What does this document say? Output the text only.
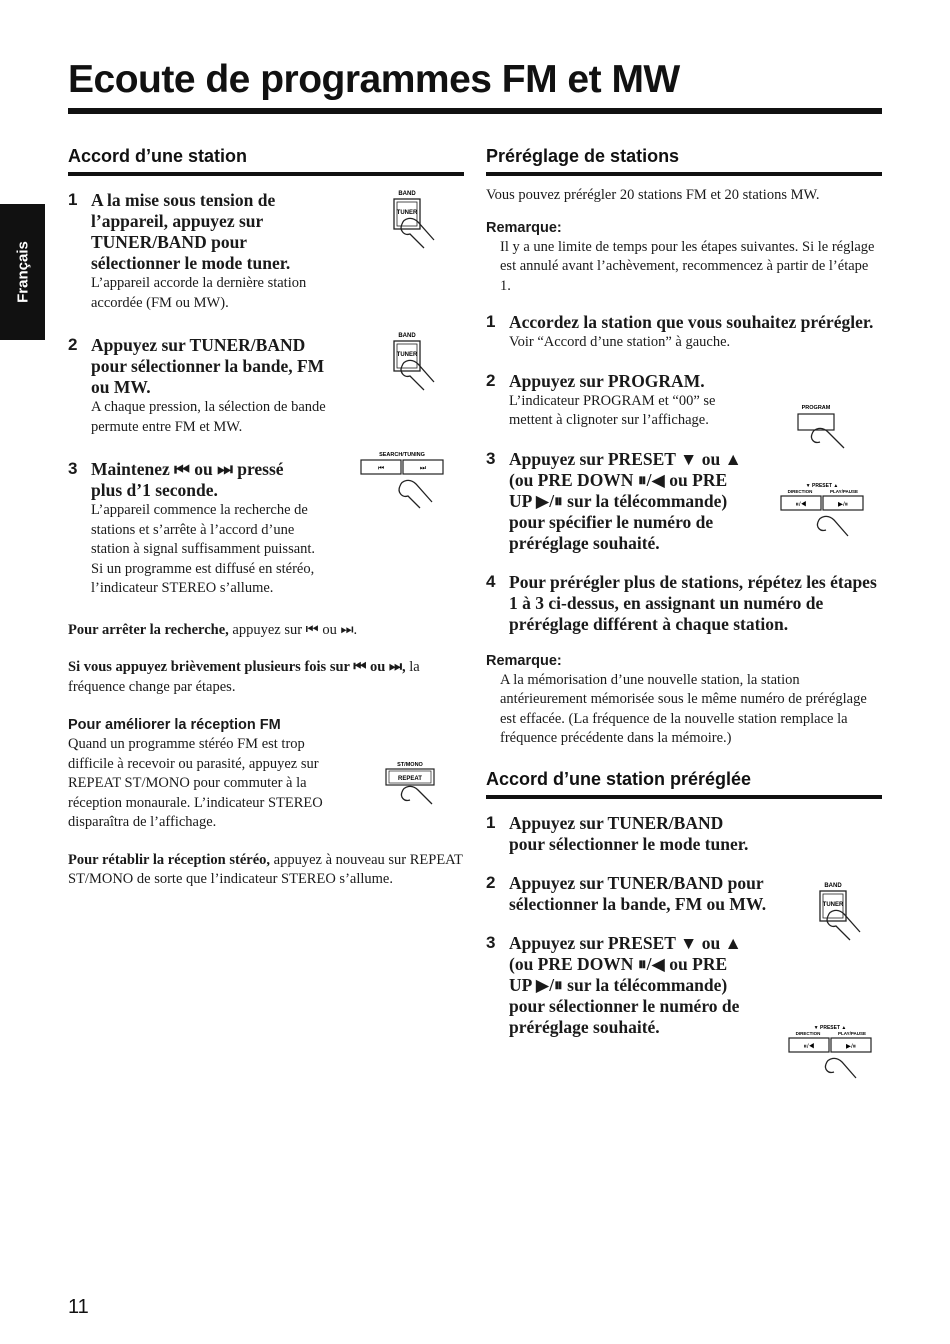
Ecoute de programmes FM et MW
Français
Accord d’une station
1 A la mise sous tension de l’appareil, appuyez sur TUNER/BAND pour sélectionner le mode tuner.
L’appareil accorde la dernière station accordée (FM ou MW).
2 Appuyez sur TUNER/BAND pour sélectionner la bande, FM ou MW.
A chaque pression, la sélection de bande permute entre FM et MW.
3 Maintenez ⏮ ou ⏭ pressé plus d’1 seconde.
L’appareil commence la recherche de stations et s’arrête à l’accord d’une station à signal suffisamment puissant.
Si un programme est diffusé en stéréo, l’indicateur STEREO s’allume.

Pour arrêter la recherche, appuyez sur ⏮ ou ⏭.

Si vous appuyez brièvement plusieurs fois sur ⏮ ou ⏭, la fréquence change par étapes.

Pour améliorer la réception FM

Quand un programme stéréo FM est trop difficile à recevoir ou parasité, appuyez sur REPEAT ST/MONO pour commuter à la réception monaurale. L’indicateur STEREO disparaîtra de l’affichage.

Pour rétablir la réception stéréo, appuyez à nouveau sur REPEAT ST/MONO de sorte que l’indicateur STEREO s’allume.

Préréglage de stations

Vous pouvez prérégler 20 stations FM et 20 stations MW.

Remarque:

Il y a une limite de temps pour les étapes suivantes. Si le réglage est annulé avant l’achèvement, recommencez à partir de l’étape 1.

1 Accordez la station que vous souhaitez prérégler.
Voir “Accord d’une station” à gauche.
2 Appuyez sur PROGRAM.
L’indicateur PROGRAM et “00” se mettent à clignoter sur l’affichage.
3 Appuyez sur PRESET ▼ ou ▲ (ou PRE DOWN ⏸/◀ ou PRE UP ▶/⏸ sur la télécommande) pour spécifier le numéro de préréglage souhaité.
4 Pour prérégler plus de stations, répétez les étapes 1 à 3 ci-dessus, en assignant un numéro de préréglage différent à chaque station.
Remarque:

A la mémorisation d’une nouvelle station, la station antérieurement mémorisée sous le même numéro de préréglage est effacée. (La fréquence de la nouvelle station remplace la fréquence précédente dans la mémoire.)

Accord d’une station préréglée
1 Appuyez sur TUNER/BAND pour sélectionner le mode tuner.
2 Appuyez sur TUNER/BAND pour sélectionner la bande, FM ou MW.
3 Appuyez sur PRESET ▼ ou ▲ (ou PRE DOWN ⏸/◀ ou PRE UP ▶/⏸ sur la télécommande) pour sélectionner le numéro de préréglage souhaité.
BAND
TUNER
BAND
TUNER
SEARCH/TUNING
⏮	⏭
ST/MONO
REPEAT
PROGRAM
▼ PRESET ▲
DIRECTION	PLAY/PAUSE
⏸/◀	▶/⏸
BAND
TUNER
▼ PRESET ▲
DIRECTION	PLAY/PAUSE
⏸/◀	▶/⏸
11
